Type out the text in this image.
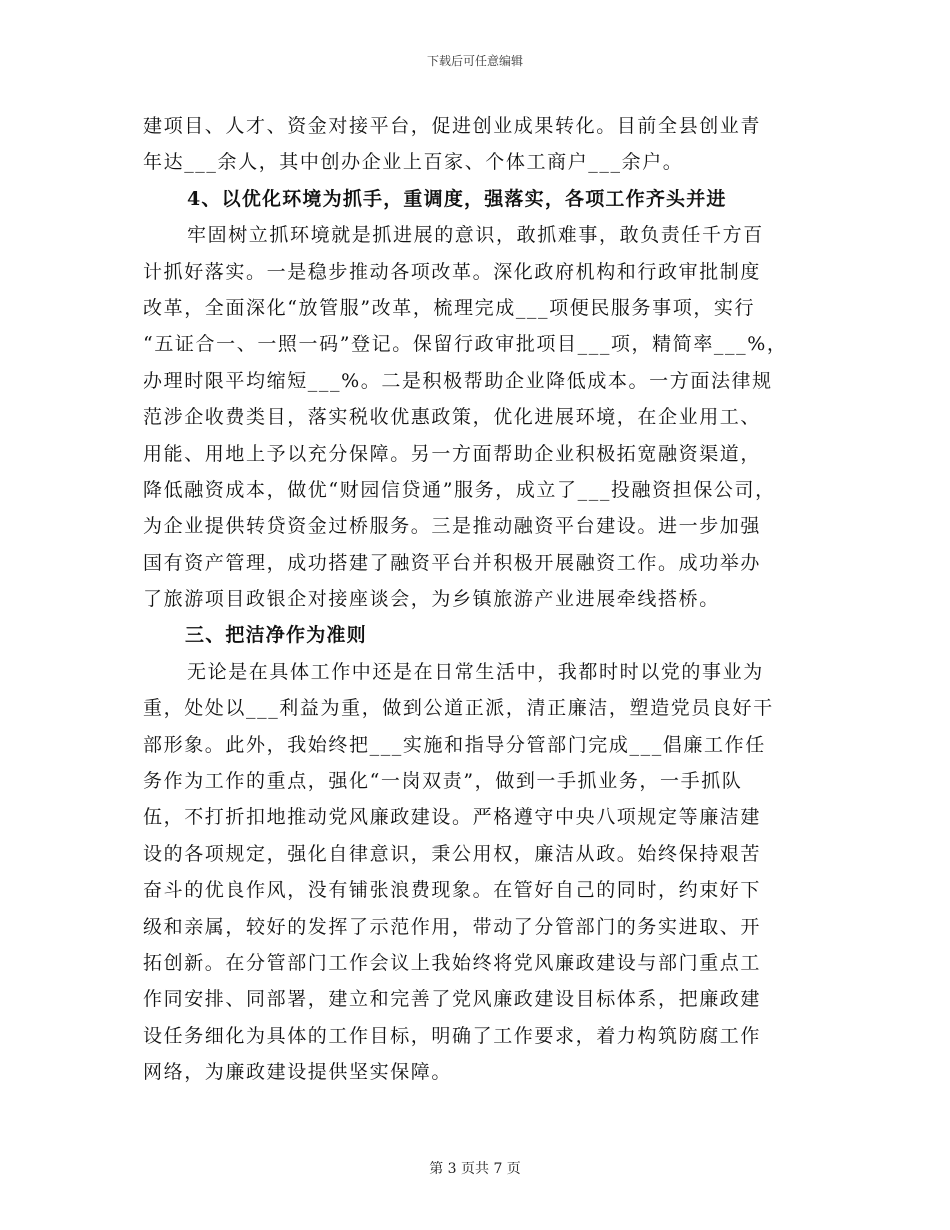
下载后可任意编辑
建项目、人才、资金对接平台，促进创业成果转化。目前全县创业青
年达___余人，其中创办企业上百家、个体工商户___余户。
4、以优化环境为抓手，重调度，强落实，各项工作齐头并进
牢固树立抓环境就是抓进展的意识，敢抓难事，敢负责任千方百
计抓好落实。一是稳步推动各项改革。深化政府机构和行政审批制度
改革，全面深化“放管服”改革，梳理完成___项便民服务事项，实行
“五证合一、一照一码”登记。保留行政审批项目___项，精简率___%，
办理时限平均缩短___%。二是积极帮助企业降低成本。一方面法律规
范涉企收费类目，落实税收优惠政策，优化进展环境，在企业用工、
用能、用地上予以充分保障。另一方面帮助企业积极拓宽融资渠道，
降低融资成本，做优“财园信贷通”服务，成立了___投融资担保公司，
为企业提供转贷资金过桥服务。三是推动融资平台建设。进一步加强
国有资产管理，成功搭建了融资平台并积极开展融资工作。成功举办
了旅游项目政银企对接座谈会，为乡镇旅游产业进展牵线搭桥。
三、把洁净作为准则
无论是在具体工作中还是在日常生活中，我都时时以党的事业为
重，处处以___利益为重，做到公道正派，清正廉洁，塑造党员良好干
部形象。此外，我始终把___实施和指导分管部门完成___倡廉工作任
务作为工作的重点，强化“一岗双责”，做到一手抓业务，一手抓队
伍，不打折扣地推动党风廉政建设。严格遵守中央八项规定等廉洁建
设的各项规定，强化自律意识，秉公用权，廉洁从政。始终保持艰苦
奋斗的优良作风，没有铺张浪费现象。在管好自己的同时，约束好下
级和亲属，较好的发挥了示范作用，带动了分管部门的务实进取、开
拓创新。在分管部门工作会议上我始终将党风廉政建设与部门重点工
作同安排、同部署，建立和完善了党风廉政建设目标体系，把廉政建
设任务细化为具体的工作目标，明确了工作要求，着力构筑防腐工作
网络，为廉政建设提供坚实保障。
第 3 页共 7 页
